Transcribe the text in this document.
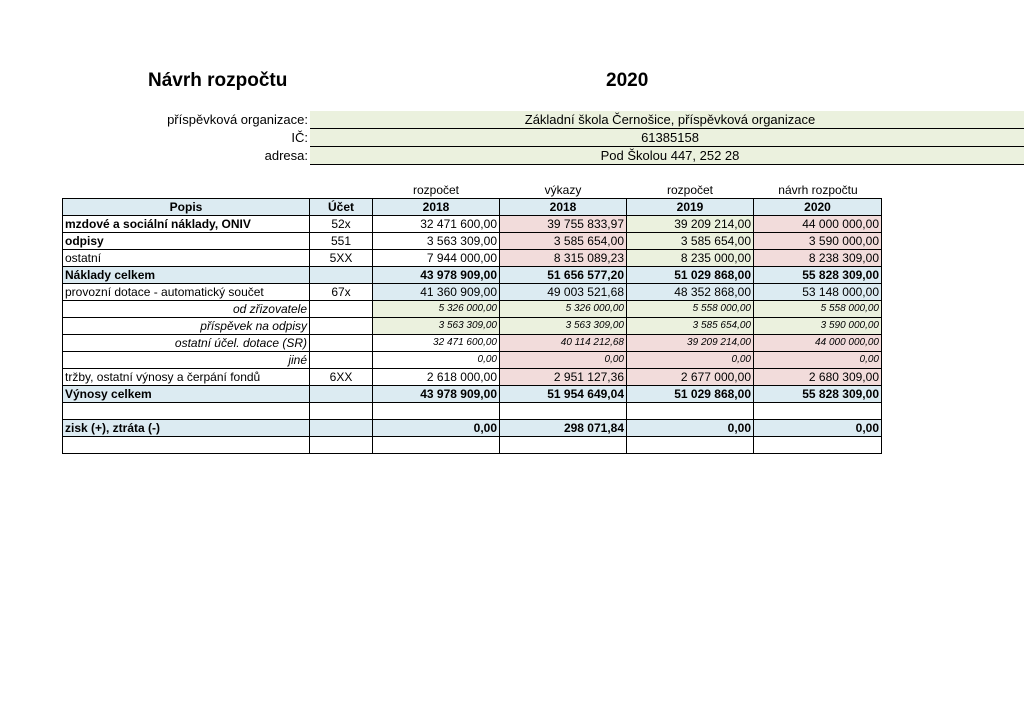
Návrh rozpočtu	2020
příspěvková organizace:	Základní škola Černošice, příspěvková organizace
IČ:	61385158
adresa:	Pod Školou 447, 252 28
rozpočet	výkazy	rozpočet	návrh rozpočtu
Popis	Účet	2018	2018	2019	2020
mzdové a sociální náklady, ONIV	52x	32 471 600,00	39 755 833,97	39 209 214,00	44 000 000,00
odpisy	551	3 563 309,00	3 585 654,00	3 585 654,00	3 590 000,00
ostatní	5XX	7 944 000,00	8 315 089,23	8 235 000,00	8 238 309,00
Náklady celkem		43 978 909,00	51 656 577,20	51 029 868,00	55 828 309,00
provozní dotace - automatický součet	67x	41 360 909,00	49 003 521,68	48 352 868,00	53 148 000,00
od zřizovatele		5 326 000,00	5 326 000,00	5 558 000,00	5 558 000,00
příspěvek na odpisy		3 563 309,00	3 563 309,00	3 585 654,00	3 590 000,00
ostatní účel. dotace (SR)		32 471 600,00	40 114 212,68	39 209 214,00	44 000 000,00
jiné		0,00	0,00	0,00	0,00
tržby, ostatní výnosy a čerpání fondů	6XX	2 618 000,00	2 951 127,36	2 677 000,00	2 680 309,00
Výnosy celkem		43 978 909,00	51 954 649,04	51 029 868,00	55 828 309,00

zisk (+), ztráta (-)		0,00	298 071,84	0,00	0,00
